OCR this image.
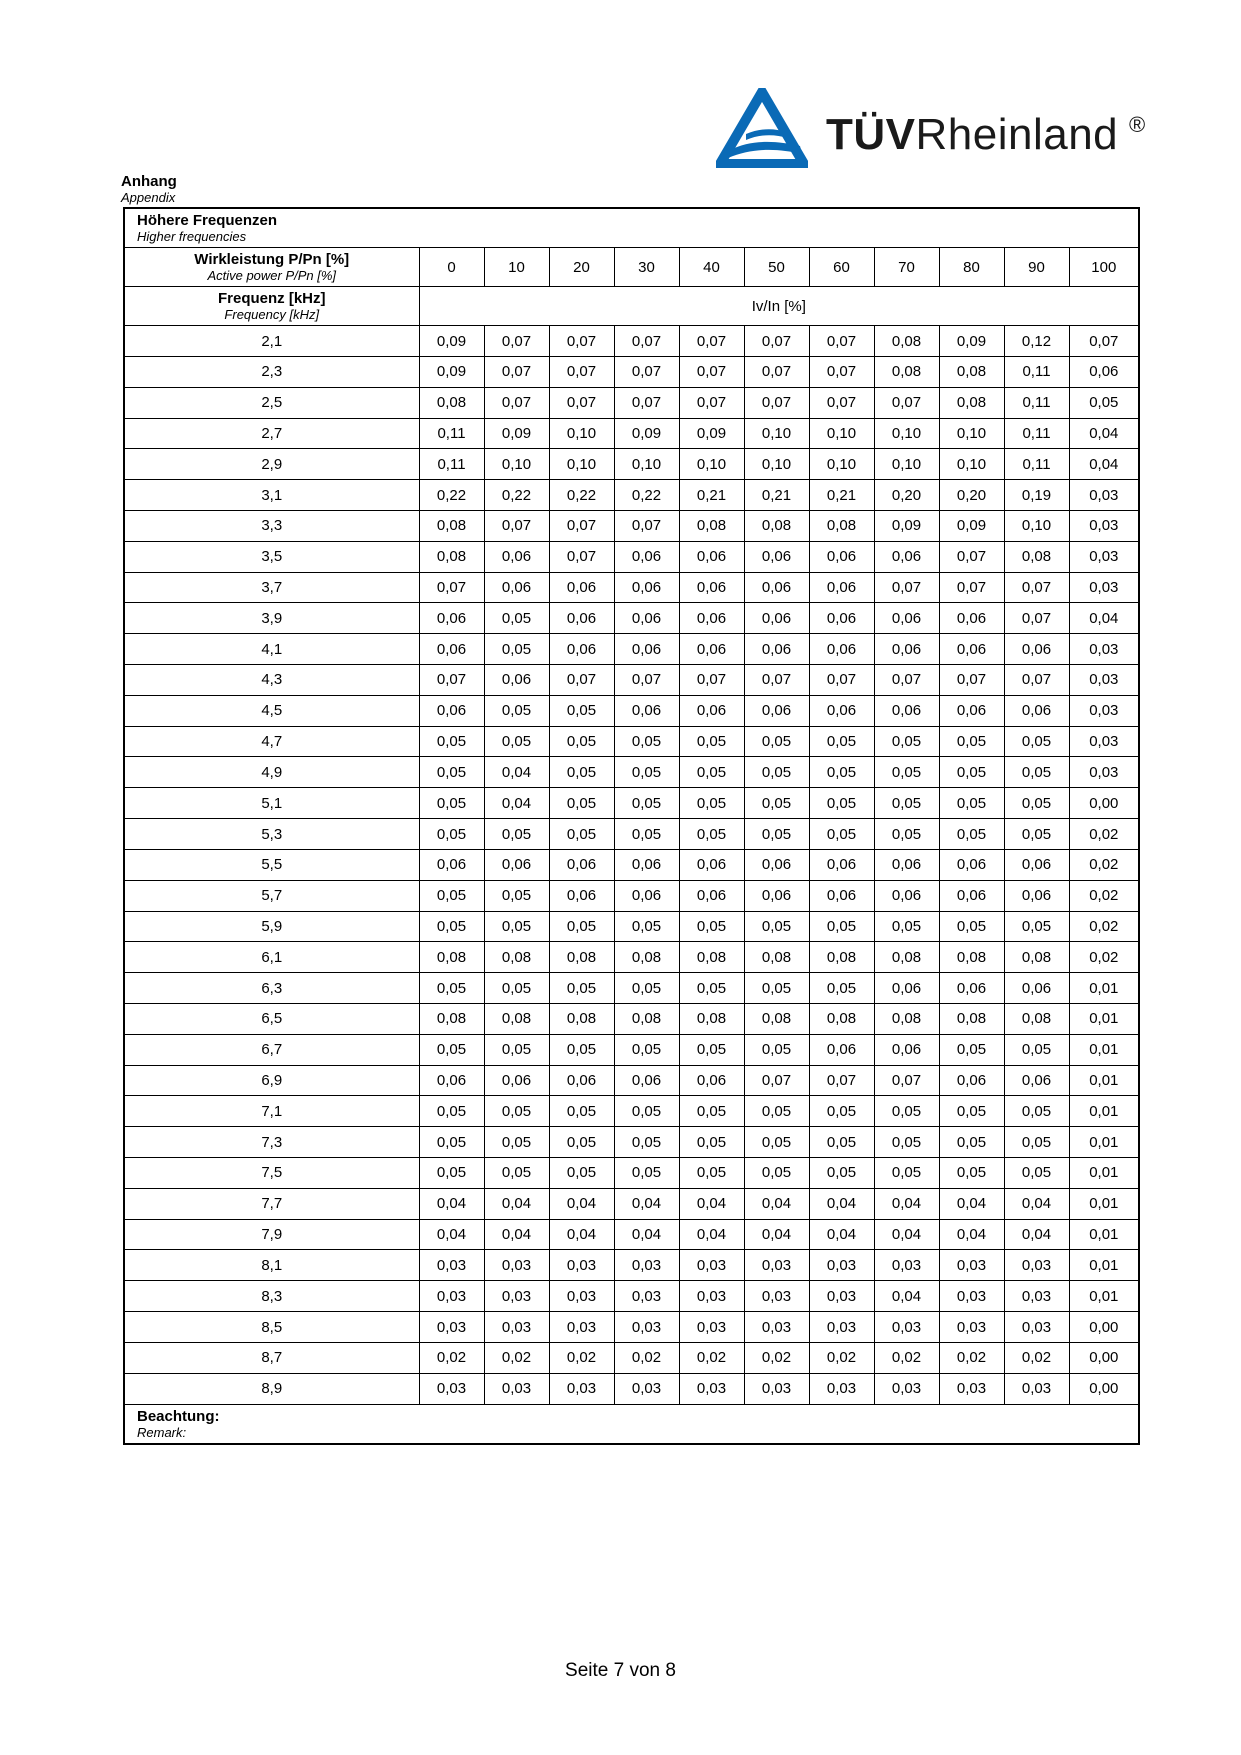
TÜVRheinland ®
Anhang
Appendix
Höhere Frequenzen
Higher frequencies											

Wirkleistung P/Pn [%]
Active power P/Pn [%]	0	10	20	30	40	50	60	70	80	90	100

Frequenz [kHz]
Frequency [kHz]	Iv/In [%]										
2,1	0,09	0,07	0,07	0,07	0,07	0,07	0,07	0,08	0,09	0,12	0,07
2,3	0,09	0,07	0,07	0,07	0,07	0,07	0,07	0,08	0,08	0,11	0,06
2,5	0,08	0,07	0,07	0,07	0,07	0,07	0,07	0,07	0,08	0,11	0,05
2,7	0,11	0,09	0,10	0,09	0,09	0,10	0,10	0,10	0,10	0,11	0,04
2,9	0,11	0,10	0,10	0,10	0,10	0,10	0,10	0,10	0,10	0,11	0,04
3,1	0,22	0,22	0,22	0,22	0,21	0,21	0,21	0,20	0,20	0,19	0,03
3,3	0,08	0,07	0,07	0,07	0,08	0,08	0,08	0,09	0,09	0,10	0,03
3,5	0,08	0,06	0,07	0,06	0,06	0,06	0,06	0,06	0,07	0,08	0,03
3,7	0,07	0,06	0,06	0,06	0,06	0,06	0,06	0,07	0,07	0,07	0,03
3,9	0,06	0,05	0,06	0,06	0,06	0,06	0,06	0,06	0,06	0,07	0,04
4,1	0,06	0,05	0,06	0,06	0,06	0,06	0,06	0,06	0,06	0,06	0,03
4,3	0,07	0,06	0,07	0,07	0,07	0,07	0,07	0,07	0,07	0,07	0,03
4,5	0,06	0,05	0,05	0,06	0,06	0,06	0,06	0,06	0,06	0,06	0,03
4,7	0,05	0,05	0,05	0,05	0,05	0,05	0,05	0,05	0,05	0,05	0,03
4,9	0,05	0,04	0,05	0,05	0,05	0,05	0,05	0,05	0,05	0,05	0,03
5,1	0,05	0,04	0,05	0,05	0,05	0,05	0,05	0,05	0,05	0,05	0,00
5,3	0,05	0,05	0,05	0,05	0,05	0,05	0,05	0,05	0,05	0,05	0,02
5,5	0,06	0,06	0,06	0,06	0,06	0,06	0,06	0,06	0,06	0,06	0,02
5,7	0,05	0,05	0,06	0,06	0,06	0,06	0,06	0,06	0,06	0,06	0,02
5,9	0,05	0,05	0,05	0,05	0,05	0,05	0,05	0,05	0,05	0,05	0,02
6,1	0,08	0,08	0,08	0,08	0,08	0,08	0,08	0,08	0,08	0,08	0,02
6,3	0,05	0,05	0,05	0,05	0,05	0,05	0,05	0,06	0,06	0,06	0,01
6,5	0,08	0,08	0,08	0,08	0,08	0,08	0,08	0,08	0,08	0,08	0,01
6,7	0,05	0,05	0,05	0,05	0,05	0,05	0,06	0,06	0,05	0,05	0,01
6,9	0,06	0,06	0,06	0,06	0,06	0,07	0,07	0,07	0,06	0,06	0,01
7,1	0,05	0,05	0,05	0,05	0,05	0,05	0,05	0,05	0,05	0,05	0,01
7,3	0,05	0,05	0,05	0,05	0,05	0,05	0,05	0,05	0,05	0,05	0,01
7,5	0,05	0,05	0,05	0,05	0,05	0,05	0,05	0,05	0,05	0,05	0,01
7,7	0,04	0,04	0,04	0,04	0,04	0,04	0,04	0,04	0,04	0,04	0,01
7,9	0,04	0,04	0,04	0,04	0,04	0,04	0,04	0,04	0,04	0,04	0,01
8,1	0,03	0,03	0,03	0,03	0,03	0,03	0,03	0,03	0,03	0,03	0,01
8,3	0,03	0,03	0,03	0,03	0,03	0,03	0,03	0,04	0,03	0,03	0,01
8,5	0,03	0,03	0,03	0,03	0,03	0,03	0,03	0,03	0,03	0,03	0,00
8,7	0,02	0,02	0,02	0,02	0,02	0,02	0,02	0,02	0,02	0,02	0,00
8,9	0,03	0,03	0,03	0,03	0,03	0,03	0,03	0,03	0,03	0,03	0,00

Beachtung:
Remark:											
Seite 7 von 8
